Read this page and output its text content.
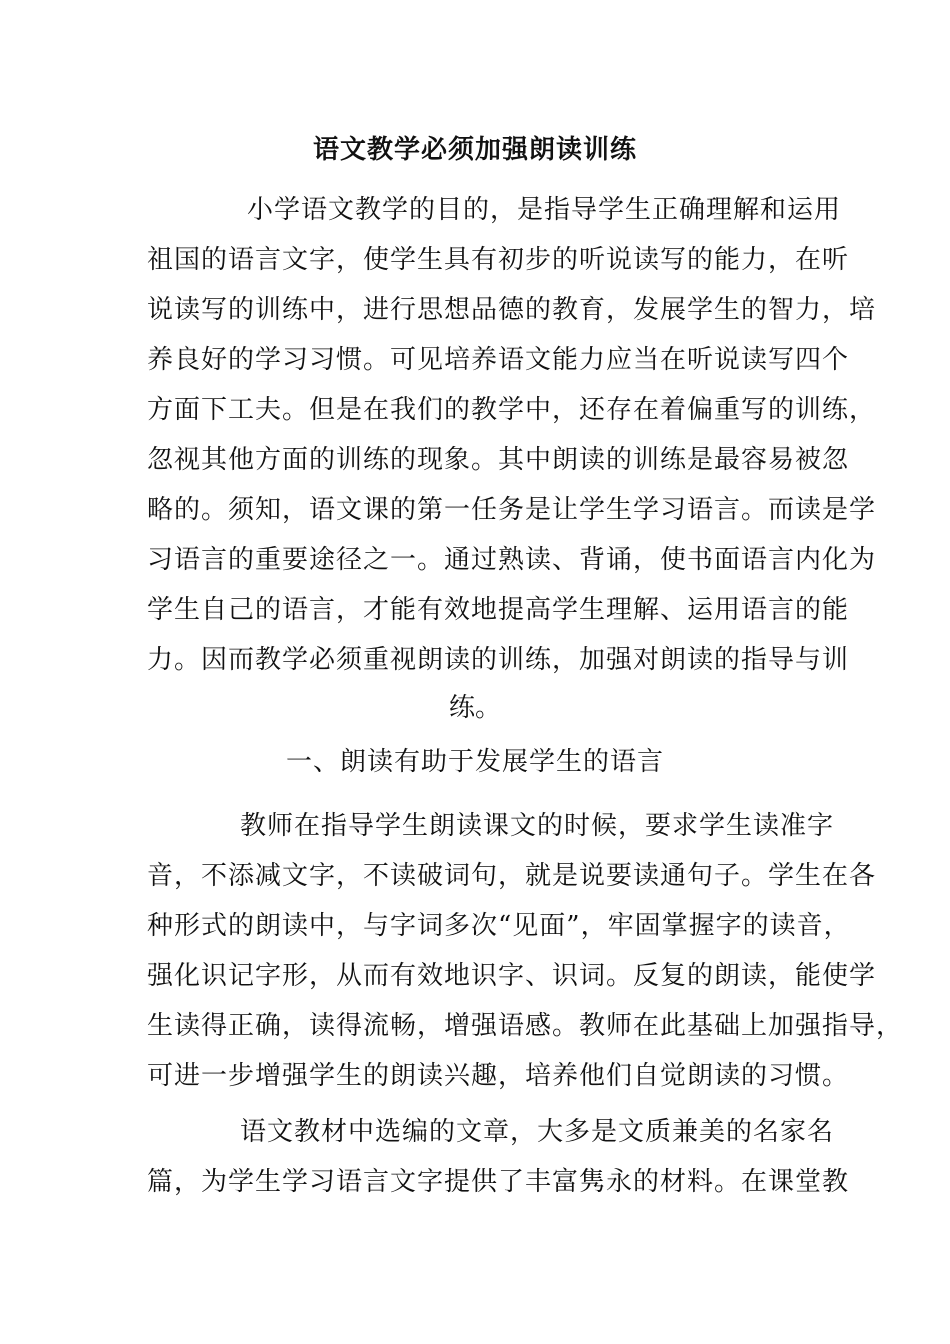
语文教学必须加强朗读训练
小学语文教学的目的，是指导学生正确理解和运用
祖国的语言文字，使学生具有初步的听说读写的能力，在听
说读写的训练中，进行思想品德的教育，发展学生的智力，培
养良好的学习习惯。可见培养语文能力应当在听说读写四个
方面下工夫。但是在我们的教学中，还存在着偏重写的训练，
忽视其他方面的训练的现象。其中朗读的训练是最容易被忽
略的。须知，语文课的第一任务是让学生学习语言。而读是学
习语言的重要途径之一。通过熟读、背诵，使书面语言内化为
学生自己的语言，才能有效地提高学生理解、运用语言的能
力。因而教学必须重视朗读的训练，加强对朗读的指导与训
练。
一、朗读有助于发展学生的语言
教师在指导学生朗读课文的时候，要求学生读准字
音，不添减文字，不读破词句，就是说要读通句子。学生在各
种形式的朗读中，与字词多次“见面”，牢固掌握字的读音，
强化识记字形，从而有效地识字、识词。反复的朗读，能使学
生读得正确，读得流畅，增强语感。教师在此基础上加强指导，
可进一步增强学生的朗读兴趣，培养他们自觉朗读的习惯。
语文教材中选编的文章，大多是文质兼美的名家名
篇，为学生学习语言文字提供了丰富隽永的材料。在课堂教
